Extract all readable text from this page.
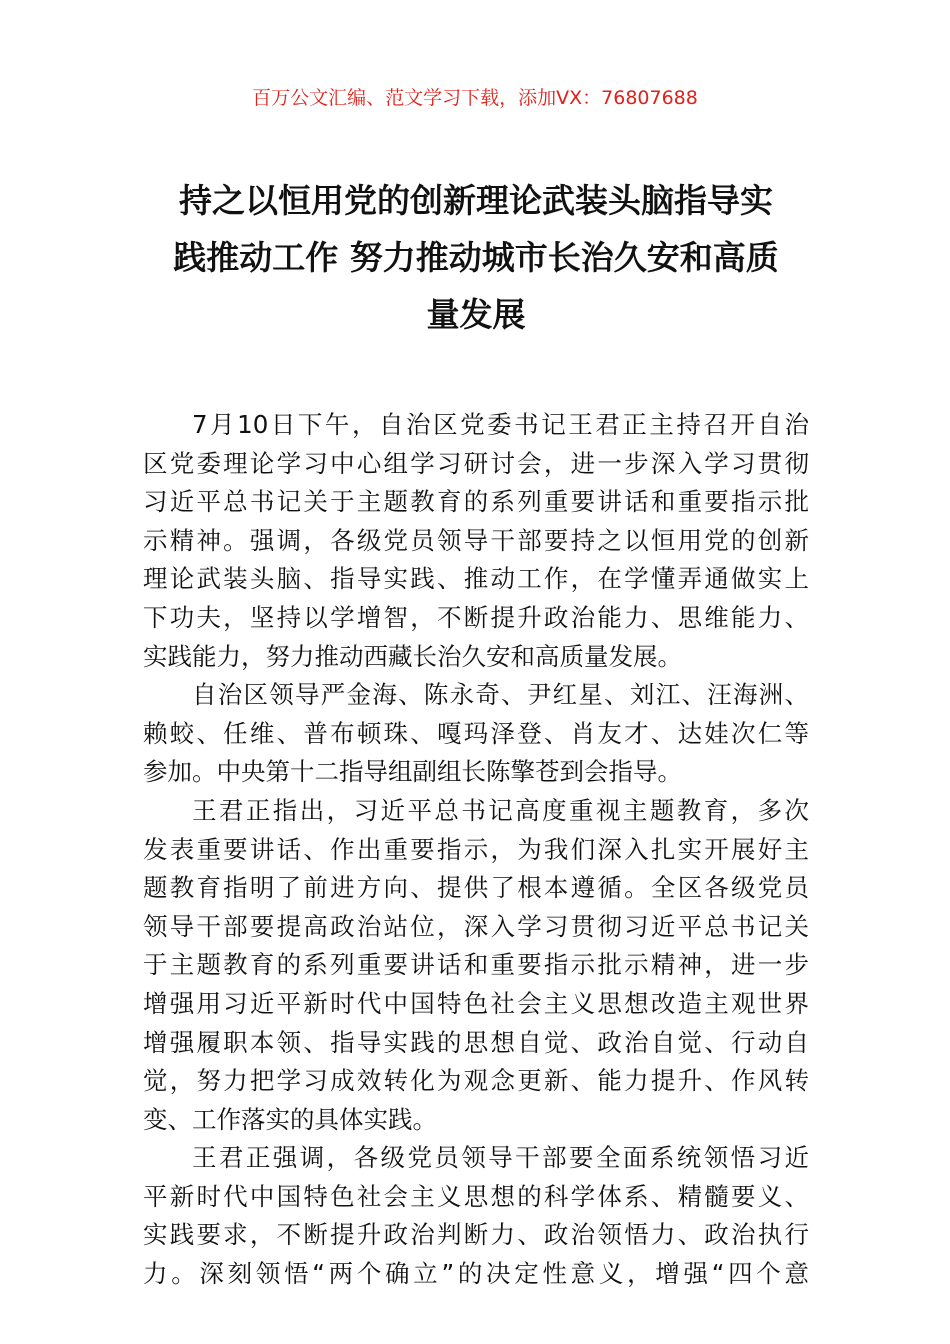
百万公文汇编、范文学习下载，添加VX：76807688
持之以恒用党的创新理论武装头脑指导实
践推动工作 努力推动城市长治久安和高质
量发展
7月10日下午，自治区党委书记王君正主持召开自治
区党委理论学习中心组学习研讨会，进一步深入学习贯彻
习近平总书记关于主题教育的系列重要讲话和重要指示批
示精神。强调，各级党员领导干部要持之以恒用党的创新
理论武装头脑、指导实践、推动工作，在学懂弄通做实上
下功夫，坚持以学增智，不断提升政治能力、思维能力、
实践能力，努力推动西藏长治久安和高质量发展。
自治区领导严金海、陈永奇、尹红星、刘江、汪海洲、
赖蛟、任维、普布顿珠、嘎玛泽登、肖友才、达娃次仁等
参加。中央第十二指导组副组长陈擎苍到会指导。
王君正指出，习近平总书记高度重视主题教育，多次
发表重要讲话、作出重要指示，为我们深入扎实开展好主
题教育指明了前进方向、提供了根本遵循。全区各级党员
领导干部要提高政治站位，深入学习贯彻习近平总书记关
于主题教育的系列重要讲话和重要指示批示精神，进一步
增强用习近平新时代中国特色社会主义思想改造主观世界
增强履职本领、指导实践的思想自觉、政治自觉、行动自
觉，努力把学习成效转化为观念更新、能力提升、作风转
变、工作落实的具体实践。
王君正强调，各级党员领导干部要全面系统领悟习近
平新时代中国特色社会主义思想的科学体系、精髓要义、
实践要求，不断提升政治判断力、政治领悟力、政治执行
力。深刻领悟“两个确立”的决定性意义，增强“四个意
